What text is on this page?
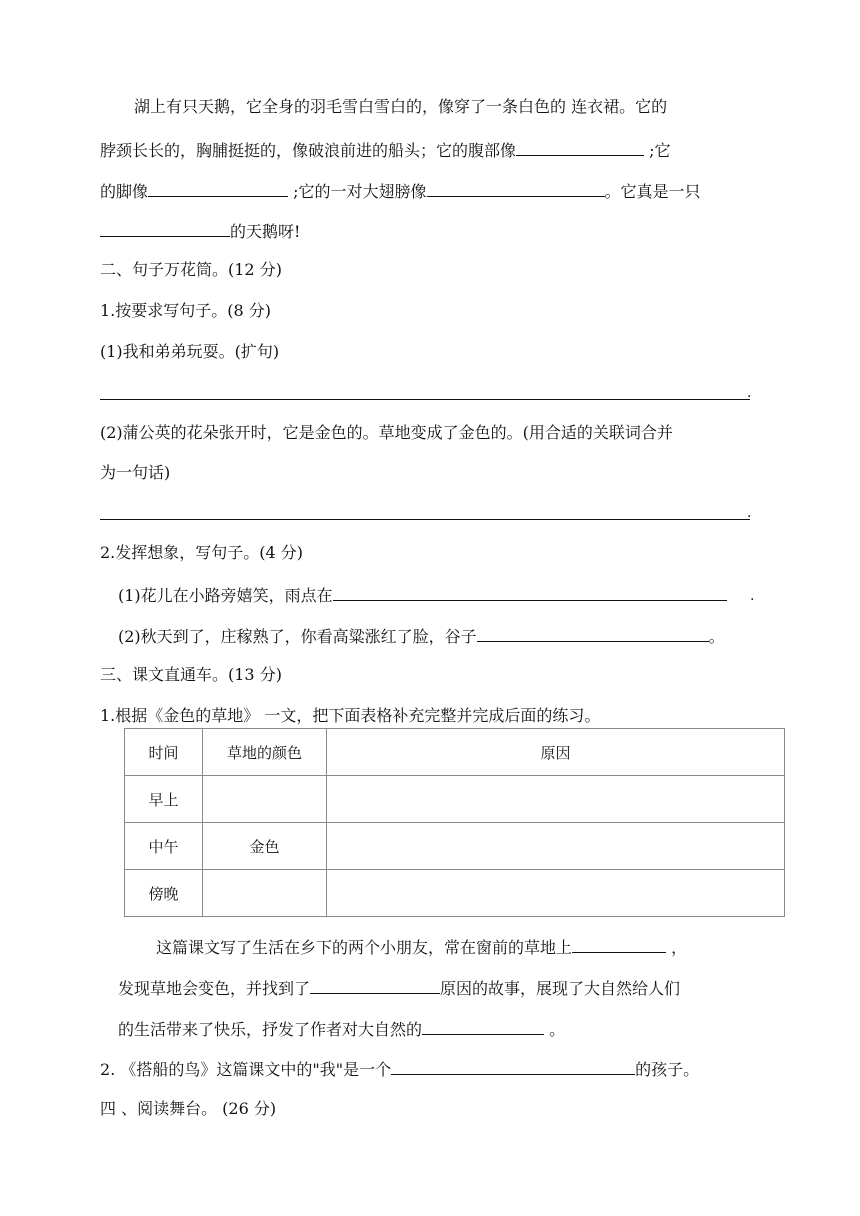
湖上有只天鹅，它全身的羽毛雪白雪白的，像穿了一条白色的 连衣裙。它的
脖颈长长的，胸脯挺挺的，像破浪前进的船头；它的腹部像	;它
的脚像	;它的一对大翅膀像	。它真是一只
的天鹅呀!
二、句子万花筒。(12 分)
1.按要求写句子。(8 分)
(1)我和弟弟玩耍。(扩句)
.
(2)蒲公英的花朵张开时，它是金色的。草地变成了金色的。(用合适的关联词合并
为一句话)
.
2.发挥想象，写句子。(4 分)
(1)花儿在小路旁嬉笑，雨点在	.
(2)秋天到了，庄稼熟了，你看高粱涨红了脸，谷子	。
三、课文直通车。(13 分)
1.根据《金色的草地》 一文，把下面表格补充完整并完成后面的练习。
时间	草地的颜色	原因
早上		
中午	金色	
傍晚		
这篇课文写了生活在乡下的两个小朋友，常在窗前的草地上	，
发现草地会变色，并找到了	原因的故事，展现了大自然给人们
的生活带来了快乐，抒发了作者对大自然的	。
2. 《搭船的鸟》这篇课文中的"我"是一个	的孩子。
四 、阅读舞台。 (26 分)
